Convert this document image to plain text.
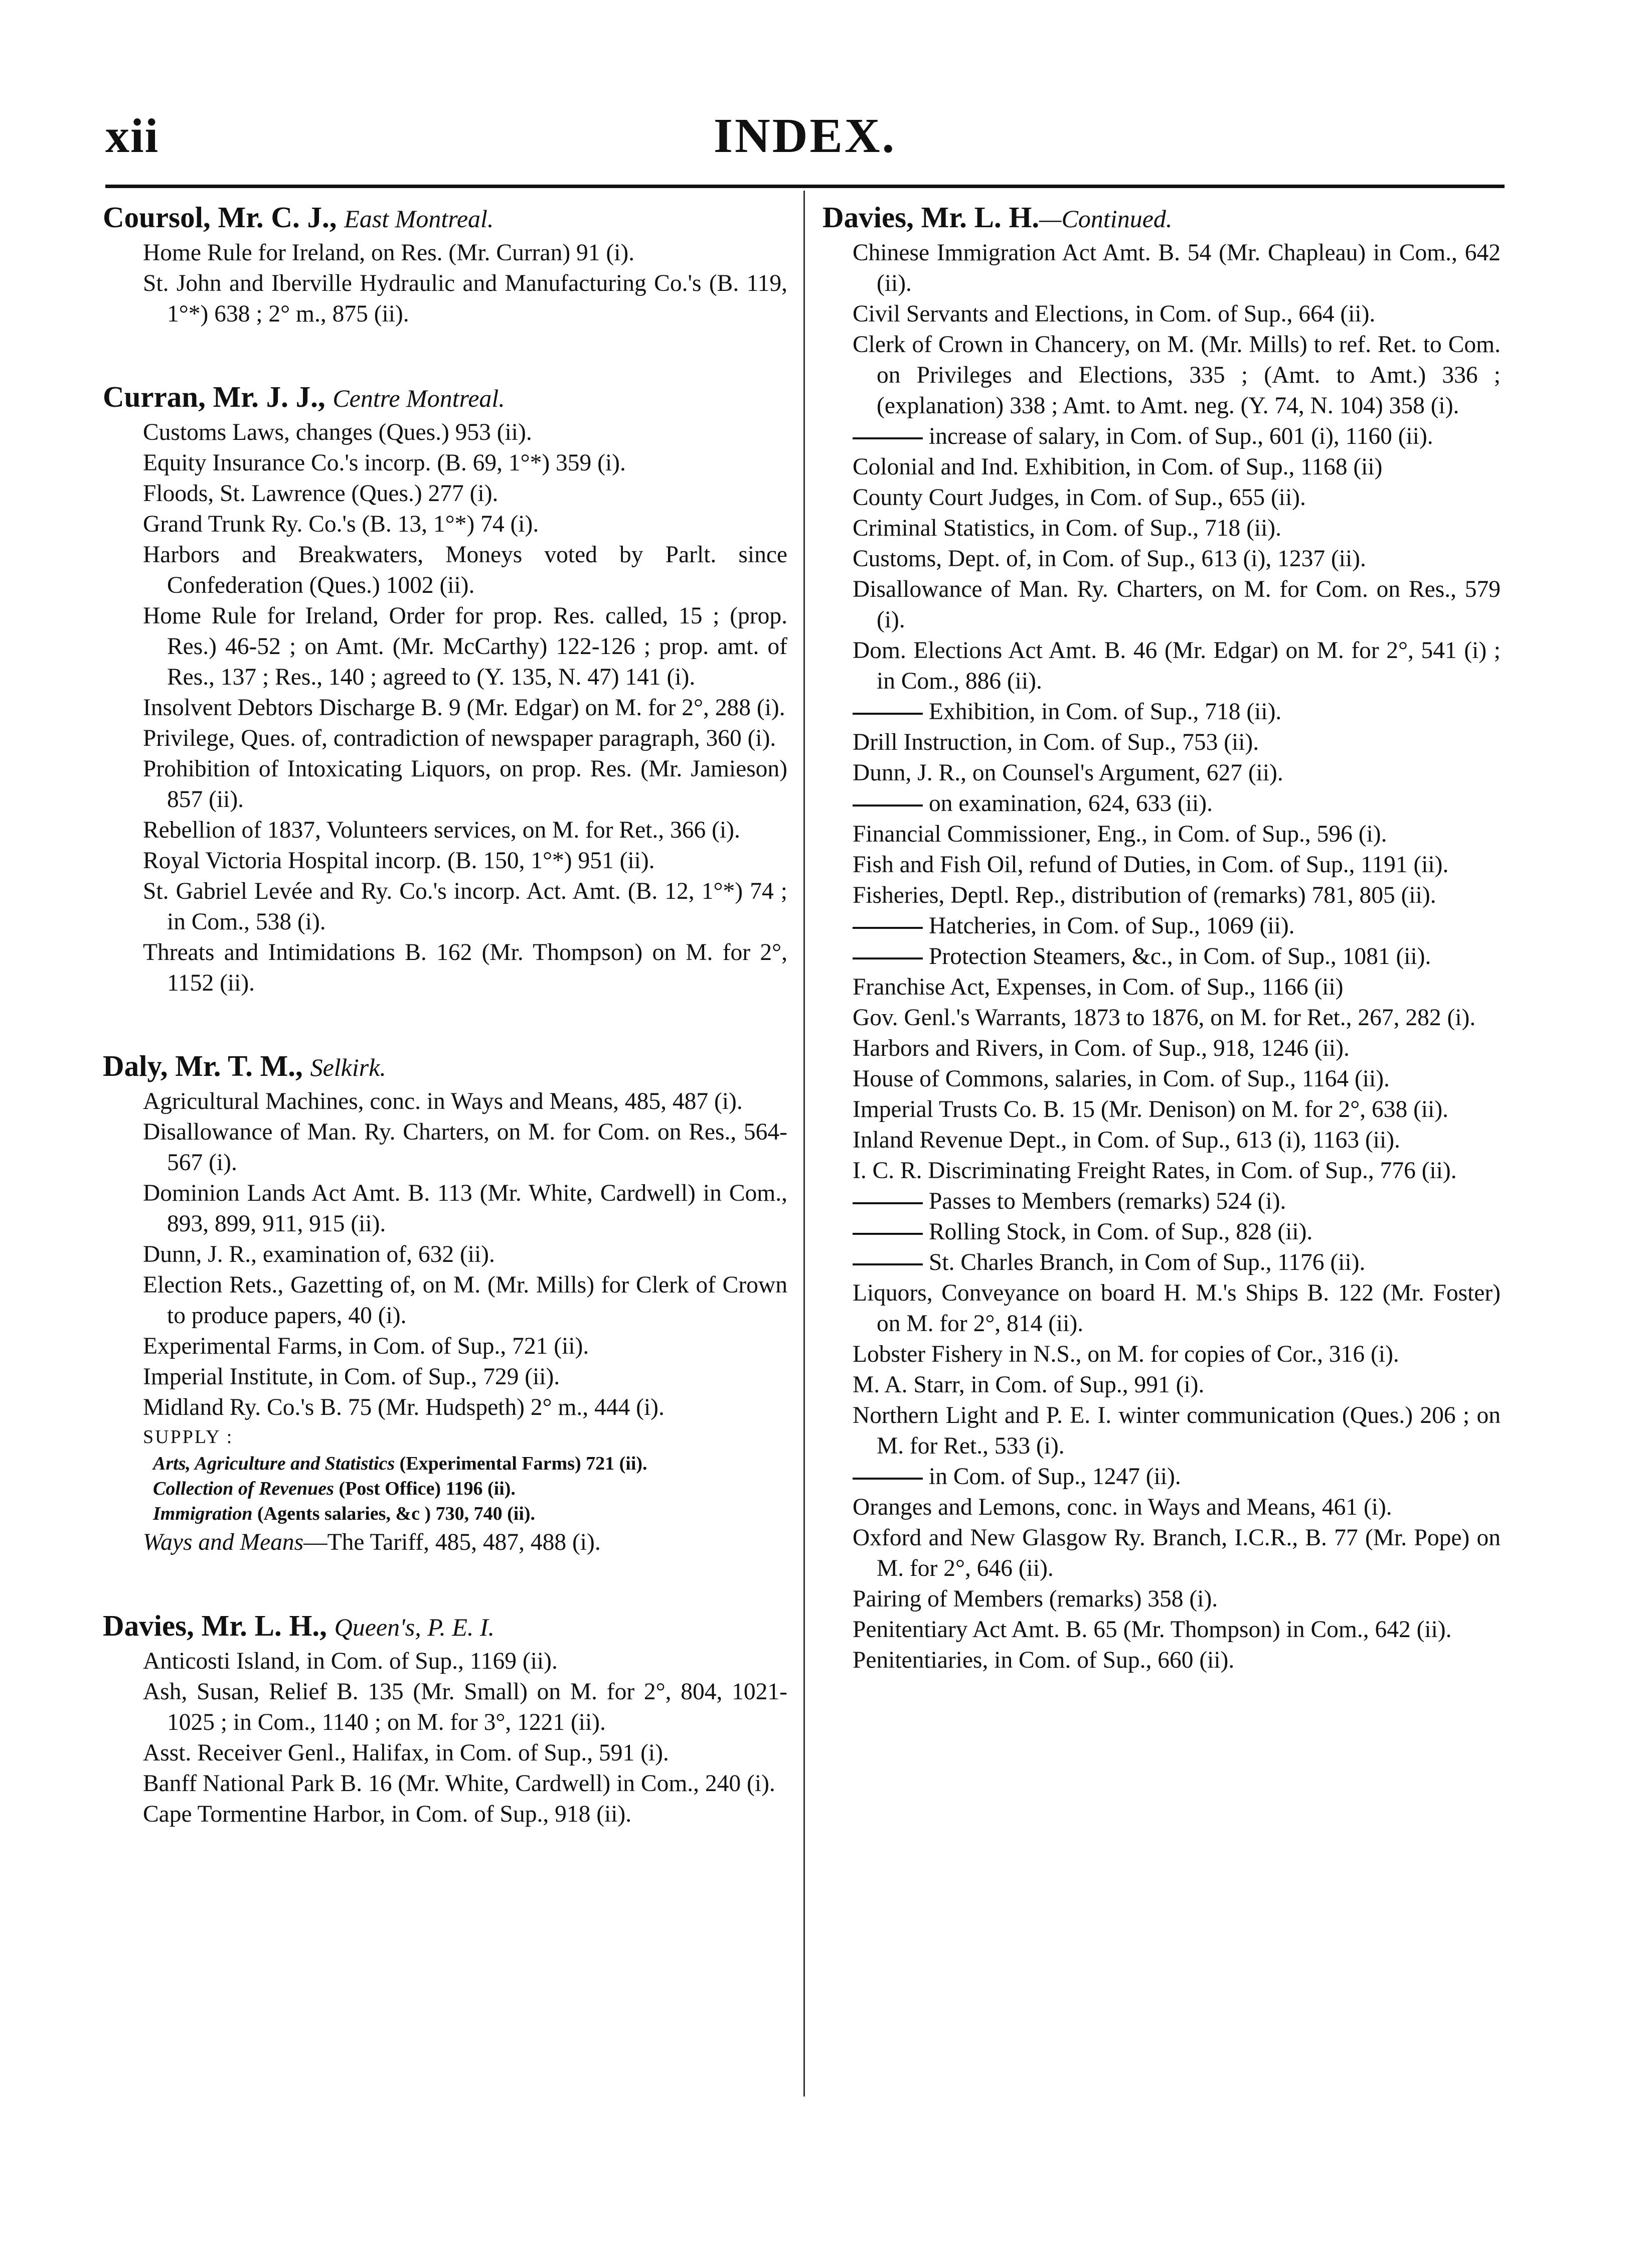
xii	INDEX.

Coursol, Mr. C. J., East Montreal.

Home Rule for Ireland, on Res. (Mr. Curran) 91 (i).

St. John and Iberville Hydraulic and Manufacturing Co.'s (B. 119, 1°*) 638 ; 2° m., 875 (ii).

Curran, Mr. J. J., Centre Montreal.

Customs Laws, changes (Ques.) 953 (ii).

Equity Insurance Co.'s incorp. (B. 69, 1°*) 359 (i).

Floods, St. Lawrence (Ques.) 277 (i).

Grand Trunk Ry. Co.'s (B. 13, 1°*) 74 (i).

Harbors and Breakwaters, Moneys voted by Parlt. since Confederation (Ques.) 1002 (ii).

Home Rule for Ireland, Order for prop. Res. called, 15 ; (prop. Res.) 46-52 ; on Amt. (Mr. McCarthy) 122-126 ; prop. amt. of Res., 137 ; Res., 140 ; agreed to (Y. 135, N. 47) 141 (i).

Insolvent Debtors Discharge B. 9 (Mr. Edgar) on M. for 2°, 288 (i).

Privilege, Ques. of, contradiction of newspaper paragraph, 360 (i).

Prohibition of Intoxicating Liquors, on prop. Res. (Mr. Jamieson) 857 (ii).

Rebellion of 1837, Volunteers services, on M. for Ret., 366 (i).

Royal Victoria Hospital incorp. (B. 150, 1°*) 951 (ii).

St. Gabriel Levée and Ry. Co.'s incorp. Act. Amt. (B. 12, 1°*) 74 ; in Com., 538 (i).

Threats and Intimidations B. 162 (Mr. Thompson) on M. for 2°, 1152 (ii).

Daly, Mr. T. M., Selkirk.

Agricultural Machines, conc. in Ways and Means, 485, 487 (i).

Disallowance of Man. Ry. Charters, on M. for Com. on Res., 564-567 (i).

Dominion Lands Act Amt. B. 113 (Mr. White, Cardwell) in Com., 893, 899, 911, 915 (ii).

Dunn, J. R., examination of, 632 (ii).

Election Rets., Gazetting of, on M. (Mr. Mills) for Clerk of Crown to produce papers, 40 (i).

Experimental Farms, in Com. of Sup., 721 (ii).

Imperial Institute, in Com. of Sup., 729 (ii).

Midland Ry. Co.'s B. 75 (Mr. Hudspeth) 2° m., 444 (i).

SUPPLY :

Arts, Agriculture and Statistics (Experimental Farms) 721 (ii).

Collection of Revenues (Post Office) 1196 (ii).

Immigration (Agents salaries, &c ) 730, 740 (ii).

Ways and Means—The Tariff, 485, 487, 488 (i).

Davies, Mr. L. H., Queen's, P. E. I.

Anticosti Island, in Com. of Sup., 1169 (ii).

Ash, Susan, Relief B. 135 (Mr. Small) on M. for 2°, 804, 1021-1025 ; in Com., 1140 ; on M. for 3°, 1221 (ii).

Asst. Receiver Genl., Halifax, in Com. of Sup., 591 (i).

Banff National Park B. 16 (Mr. White, Cardwell) in Com., 240 (i).

Cape Tormentine Harbor, in Com. of Sup., 918 (ii).

Davies, Mr. L. H.—Continued.

Chinese Immigration Act Amt. B. 54 (Mr. Chapleau) in Com., 642 (ii).

Civil Servants and Elections, in Com. of Sup., 664 (ii).

Clerk of Crown in Chancery, on M. (Mr. Mills) to ref. Ret. to Com. on Privileges and Elections, 335 ; (Amt. to Amt.) 336 ; (explanation) 338 ; Amt. to Amt. neg. (Y. 74, N. 104) 358 (i).

increase of salary, in Com. of Sup., 601 (i), 1160 (ii).

Colonial and Ind. Exhibition, in Com. of Sup., 1168 (ii)

County Court Judges, in Com. of Sup., 655 (ii).

Criminal Statistics, in Com. of Sup., 718 (ii).

Customs, Dept. of, in Com. of Sup., 613 (i), 1237 (ii).

Disallowance of Man. Ry. Charters, on M. for Com. on Res., 579 (i).

Dom. Elections Act Amt. B. 46 (Mr. Edgar) on M. for 2°, 541 (i) ; in Com., 886 (ii).

Exhibition, in Com. of Sup., 718 (ii).

Drill Instruction, in Com. of Sup., 753 (ii).

Dunn, J. R., on Counsel's Argument, 627 (ii).

on examination, 624, 633 (ii).

Financial Commissioner, Eng., in Com. of Sup., 596 (i).

Fish and Fish Oil, refund of Duties, in Com. of Sup., 1191 (ii).

Fisheries, Deptl. Rep., distribution of (remarks) 781, 805 (ii).

Hatcheries, in Com. of Sup., 1069 (ii).

Protection Steamers, &c., in Com. of Sup., 1081 (ii).

Franchise Act, Expenses, in Com. of Sup., 1166 (ii)

Gov. Genl.'s Warrants, 1873 to 1876, on M. for Ret., 267, 282 (i).

Harbors and Rivers, in Com. of Sup., 918, 1246 (ii).

House of Commons, salaries, in Com. of Sup., 1164 (ii).

Imperial Trusts Co. B. 15 (Mr. Denison) on M. for 2°, 638 (ii).

Inland Revenue Dept., in Com. of Sup., 613 (i), 1163 (ii).

I. C. R. Discriminating Freight Rates, in Com. of Sup., 776 (ii).

Passes to Members (remarks) 524 (i).

Rolling Stock, in Com. of Sup., 828 (ii).

St. Charles Branch, in Com of Sup., 1176 (ii).

Liquors, Conveyance on board H. M.'s Ships B. 122 (Mr. Foster) on M. for 2°, 814 (ii).

Lobster Fishery in N.S., on M. for copies of Cor., 316 (i).

M. A. Starr, in Com. of Sup., 991 (i).

Northern Light and P. E. I. winter communication (Ques.) 206 ; on M. for Ret., 533 (i).

in Com. of Sup., 1247 (ii).

Oranges and Lemons, conc. in Ways and Means, 461 (i).

Oxford and New Glasgow Ry. Branch, I.C.R., B. 77 (Mr. Pope) on M. for 2°, 646 (ii).

Pairing of Members (remarks) 358 (i).

Penitentiary Act Amt. B. 65 (Mr. Thompson) in Com., 642 (ii).

Penitentiaries, in Com. of Sup., 660 (ii).
